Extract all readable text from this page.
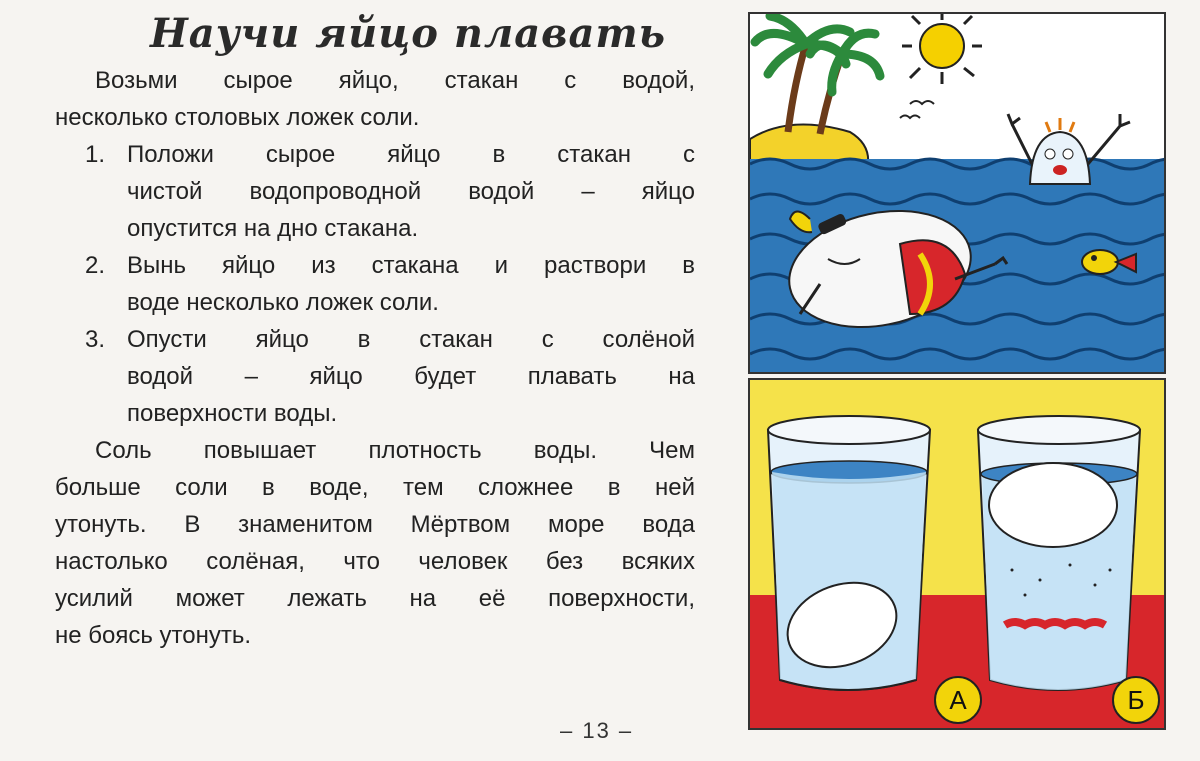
Научи яйцо плавать

Возьми сырое яйцо, стакан с водой,

несколько столовых ложек соли.

1. Положи сырое яйцо в стакан с

чистой водопроводной водой – яйцо

опустится на дно стакана.

2. Вынь яйцо из стакана и раствори в

воде несколько ложек соли.

3. Опусти яйцо в стакан с солёной

водой – яйцо будет плавать на

поверхности воды.

Соль повышает плотность воды. Чем

больше соли в воде, тем сложнее в ней

утонуть. В знаменитом Мёртвом море вода

настолько солёная, что человек без всяких

усилий может лежать на её поверхности,

не боясь утонуть.

– 13 –
А	Б
